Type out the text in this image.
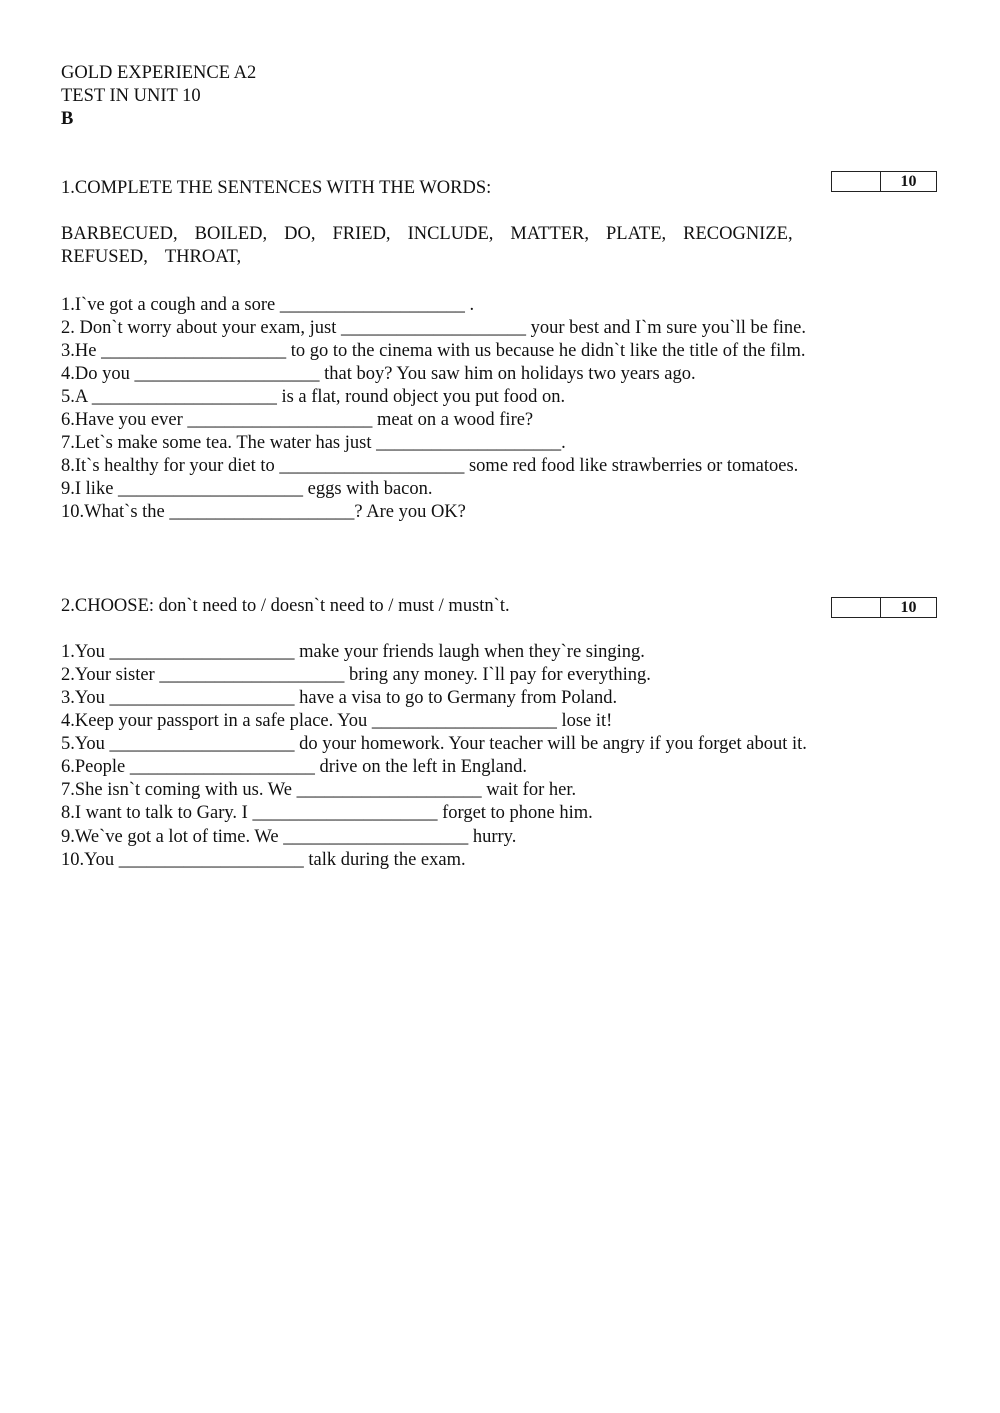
GOLD EXPERIENCE A2
TEST IN UNIT 10
B
1.COMPLETE THE SENTENCES WITH THE WORDS:	10
BARBECUED, BOILED, DO, FRIED, INCLUDE, MATTER, PLATE, RECOGNIZE,
REFUSED, THROAT,
1.I`ve got a cough and a sore ____________________ .
2. Don`t worry about your exam, just ____________________ your best and I`m sure you`ll be fine.
3.He ____________________ to go to the cinema with us because he didn`t like the title of the film.
4.Do you ____________________ that boy? You saw him on holidays two years ago.
5.A ____________________ is a flat, round object you put food on.
6.Have you ever ____________________ meat on a wood fire?
7.Let`s make some tea. The water has just ____________________.
8.It`s healthy for your diet to ____________________ some red food like strawberries or tomatoes.
9.I like ____________________ eggs with bacon.
10.What`s the ____________________? Are you OK?
2.CHOOSE: don`t need to / doesn`t need to / must / mustn`t.	10
1.You ____________________ make your friends laugh when they`re singing.
2.Your sister ____________________ bring any money. I`ll pay for everything.
3.You ____________________ have a visa to go to Germany from Poland.
4.Keep your passport in a safe place. You ____________________ lose it!
5.You ____________________ do your homework. Your teacher will be angry if you forget about it.
6.People ____________________ drive on the left in England.
7.She isn`t coming with us. We ____________________ wait for her.
8.I want to talk to Gary. I ____________________ forget to phone him.
9.We`ve got a lot of time. We ____________________ hurry.
10.You ____________________ talk during the exam.
